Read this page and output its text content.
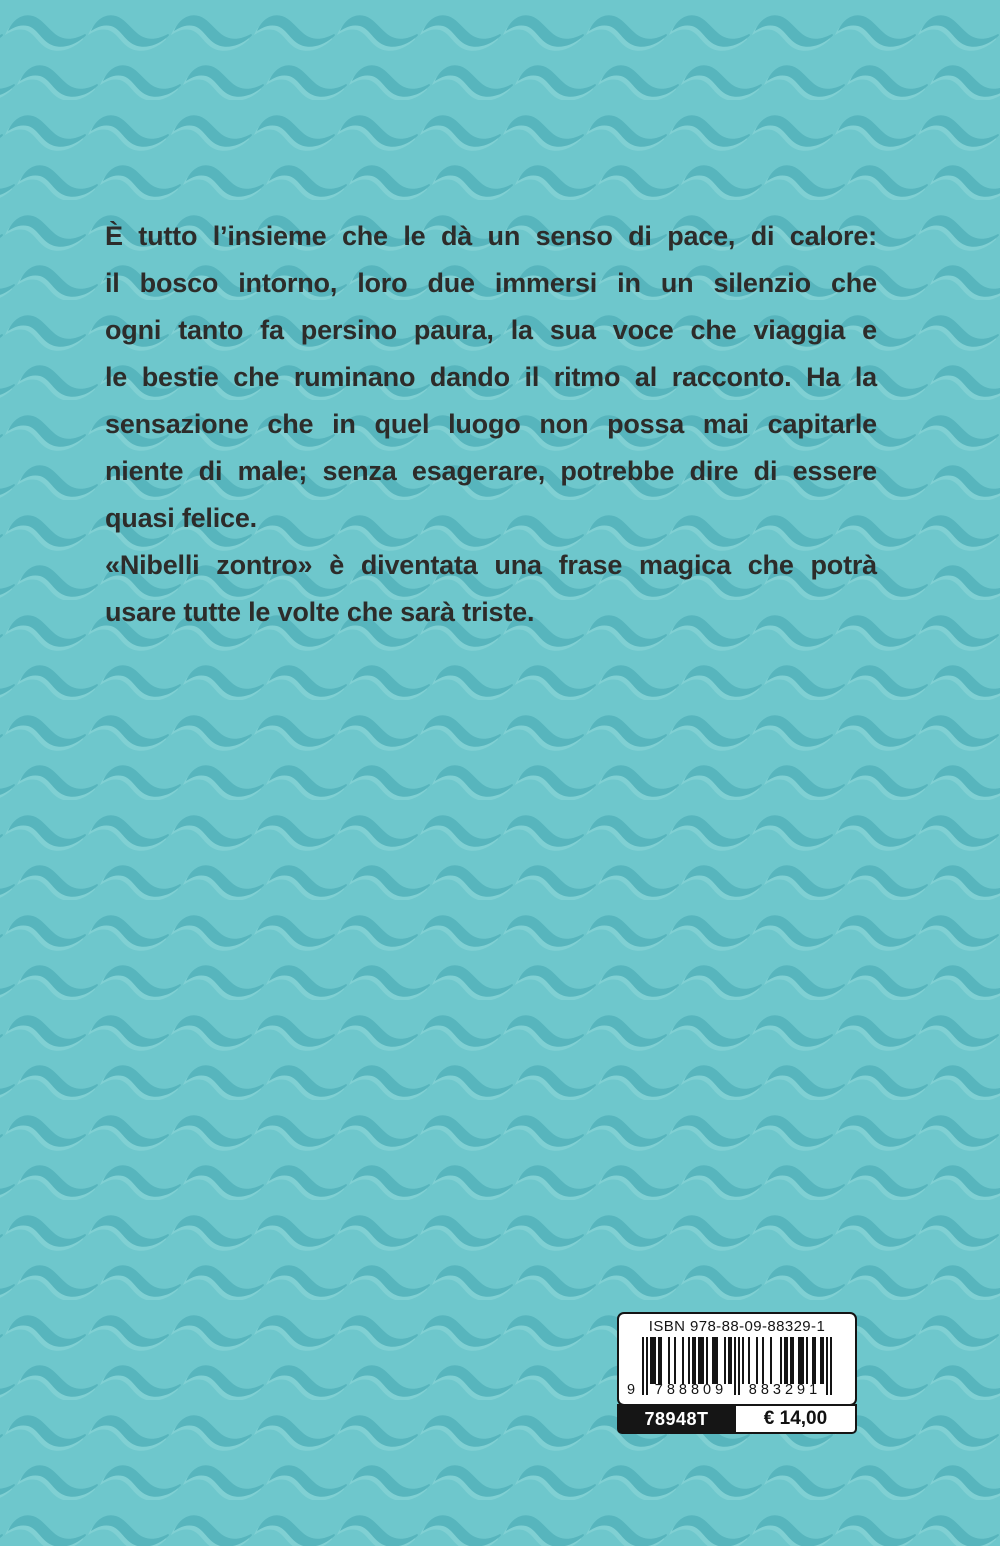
È tutto l’insieme che le dà un senso di pace, di calore:
il bosco intorno, loro due immersi in un silenzio che
ogni tanto fa persino paura, la sua voce che viaggia e
le bestie che ruminano dando il ritmo al racconto. Ha la
sensazione che in quel luogo non possa mai capitarle
niente di male; senza esagerare, potrebbe dire di essere
quasi felice.
«Nibelli zontro» è diventata una frase magica che potrà
usare tutte le volte che sarà triste.
ISBN 978-88-09-88329-1
9	788809	883291
78948T	€ 14,00
